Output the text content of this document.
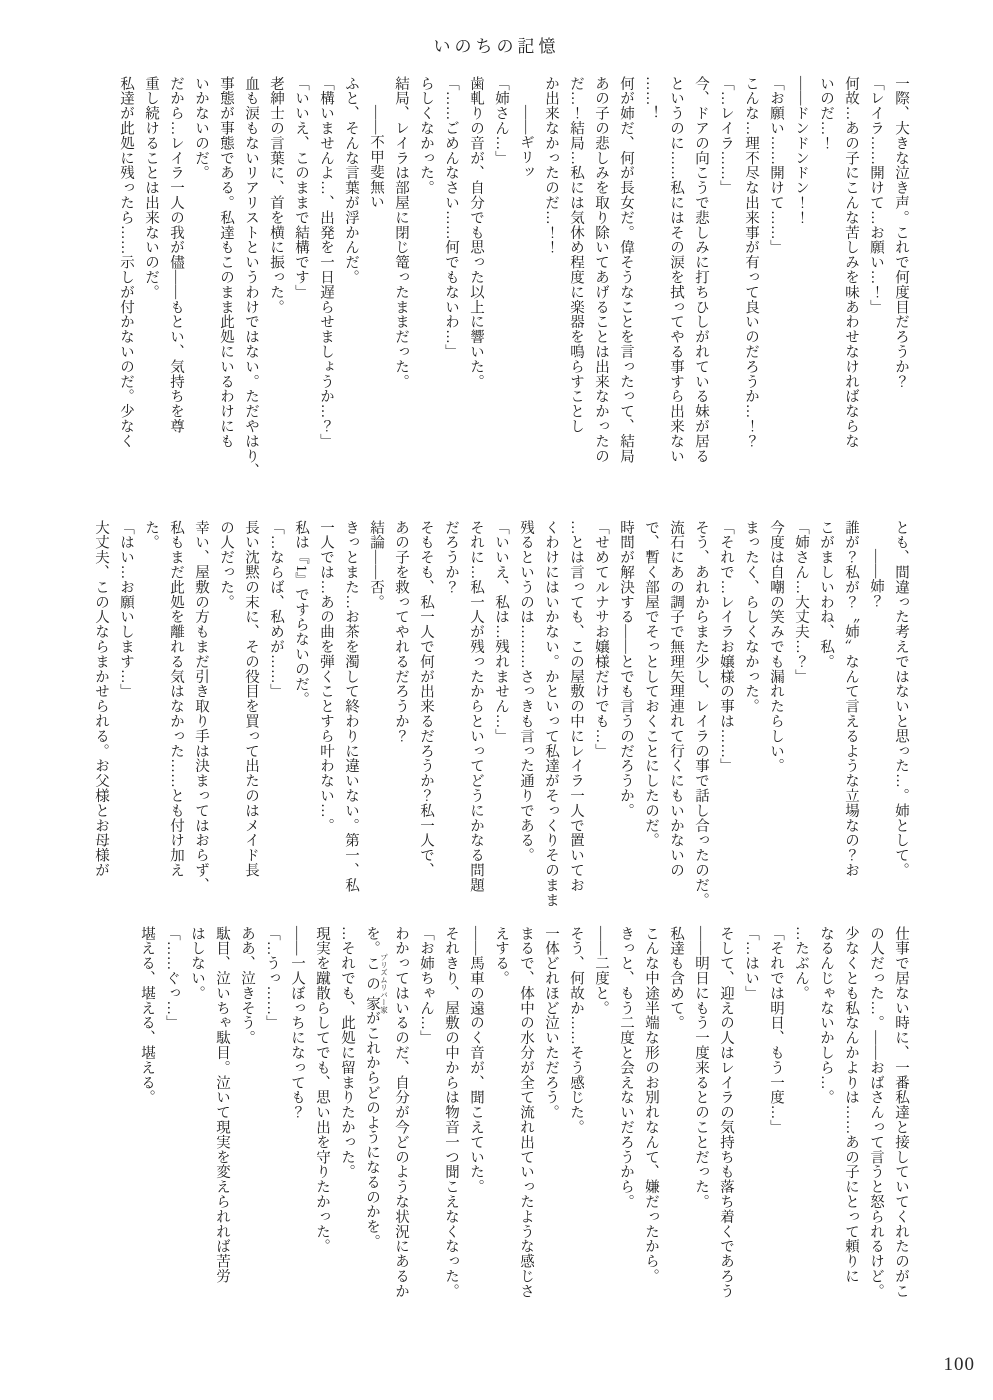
いのちの記憶

一際、大きな泣き声。これで何度目だろうか？

「レイラ……開けて…お願い…！」

何故…あの子にこんな苦しみを味あわせなければならな

いのだ…！

――ドンドンドン！！

「お願い……開けて……」

こんな…理不尽な出来事が有って良いのだろうか…！？

「…レイラ……」

今、ドアの向こうで悲しみに打ちひしがれている妹が居る

というのに……私にはその涙を拭ってやる事すら出来ない

……！

何が姉だ、何が長女だ。偉そうなことを言ったって、結局

あの子の悲しみを取り除いてあげることは出来なかったの

だ…！結局…私には気休め程度に楽器を鳴らすことし

か出来なかったのだ…！！

――ギリッ

「姉さん…」

歯軋りの音が、自分でも思った以上に響いた。

「……ごめんなさい……何でもないわ…」

らしくなかった。

結局、レイラは部屋に閉じ篭ったままだった。

――不甲斐無い

ふと、そんな言葉が浮かんだ。

「構いませんよ…、出発を一日遅らせましょうか…？」

「いいえ、このままで結構です」

老紳士の言葉に、首を横に振った。

血も涙もないリアリストというわけではない。ただやはり、

事態が事態である。私達もこのまま此処にいるわけにも

いかないのだ。

だから…レイラ一人の我が儘――もとい、気持ちを尊

重し続けることは出来ないのだ。

私達が此処に残ったら……示しが付かないのだ。少なく

とも、間違った考えではないと思った…。姉として。

――姉？

誰が？私が？〝姉〟なんて言えるような立場なの？お

こがましいわね、私。

「姉さん…大丈夫…？」

今度は自嘲の笑みでも漏れたらしい。

まったく、らしくなかった。

「それで…レイラお嬢様の事は……」

そう、あれからまた少し、レイラの事で話し合ったのだ。

流石にあの調子で無理矢理連れて行くにもいかないの

で、暫く部屋でそっとしておくことにしたのだ。

時間が解決する――とでも言うのだろうか。

「せめてルナサお嬢様だけでも…」

…とは言っても、この屋敷の中にレイラ一人で置いてお

くわけにはいかない。かといって私達がそっくりそのまま

残るというのは………さっきも言った通りである。

「いいえ、私は…残れません…」

それに…私一人が残ったからといってどうにかなる問題

だろうか？

そもそも、私一人で何が出来るだろうか？私一人で、

あの子を救ってやれるだろうか？

結論――否。

きっとまた…お茶を濁して終わりに違いない。第一、私

一人では…あの曲を弾くことすら叶わない…。

私は『1』ですらないのだ。

「…ならば、私めが……」

長い沈黙の末に、その役目を買って出たのはメイド長

の人だった。

幸い、屋敷の方もまだ引き取り手は決まってはおらず、

私もまだ此処を離れる気はなかった……とも付け加え

た。

「はい…お願いします…」

大丈夫、この人ならまかせられる。お父様とお母様が

仕事で居ない時に、一番私達と接していてくれたのがこ

の人だった…。――おばさんって言うと怒られるけど。

少なくとも私なんかよりは……あの子にとって頼りに

なるんじゃないかしら…。

…たぶん。

「それでは明日、もう一度…」

「…はい」

そして、迎えの人はレイラの気持ちも落ち着くであろう

――明日にもう一度来るとのことだった。

私達も含めて。

こんな中途半端な形のお別れなんて、嫌だったから。

きっと、もう二度と会えないだろうから。

――二度と。

そう、何故か……そう感じた。

一体どれほど泣いただろう。

まるで、体中の水分が全て流れ出ていったような感じさ

えする。

――馬車の遠のく音が、聞こえていた。

それきり、屋敷の中からは物音一つ聞こえなくなった。

「お姉ちゃん…」

わかってはいるのだ、自分が今どのような状況にあるか

を。この家 プリズムリバー家がこれからどのようになるのかを。

…それでも、此処に留まりたかった。

現実を蹴散らしてでも、思い出を守りたかった。

――一人ぼっちになっても？

「…うっ……」

ああ、泣きそう。

駄目、泣いちゃ駄目。泣いて現実を変えられれば苦労

はしない。

「……ぐっ…」

堪える、堪える、堪える。

100
